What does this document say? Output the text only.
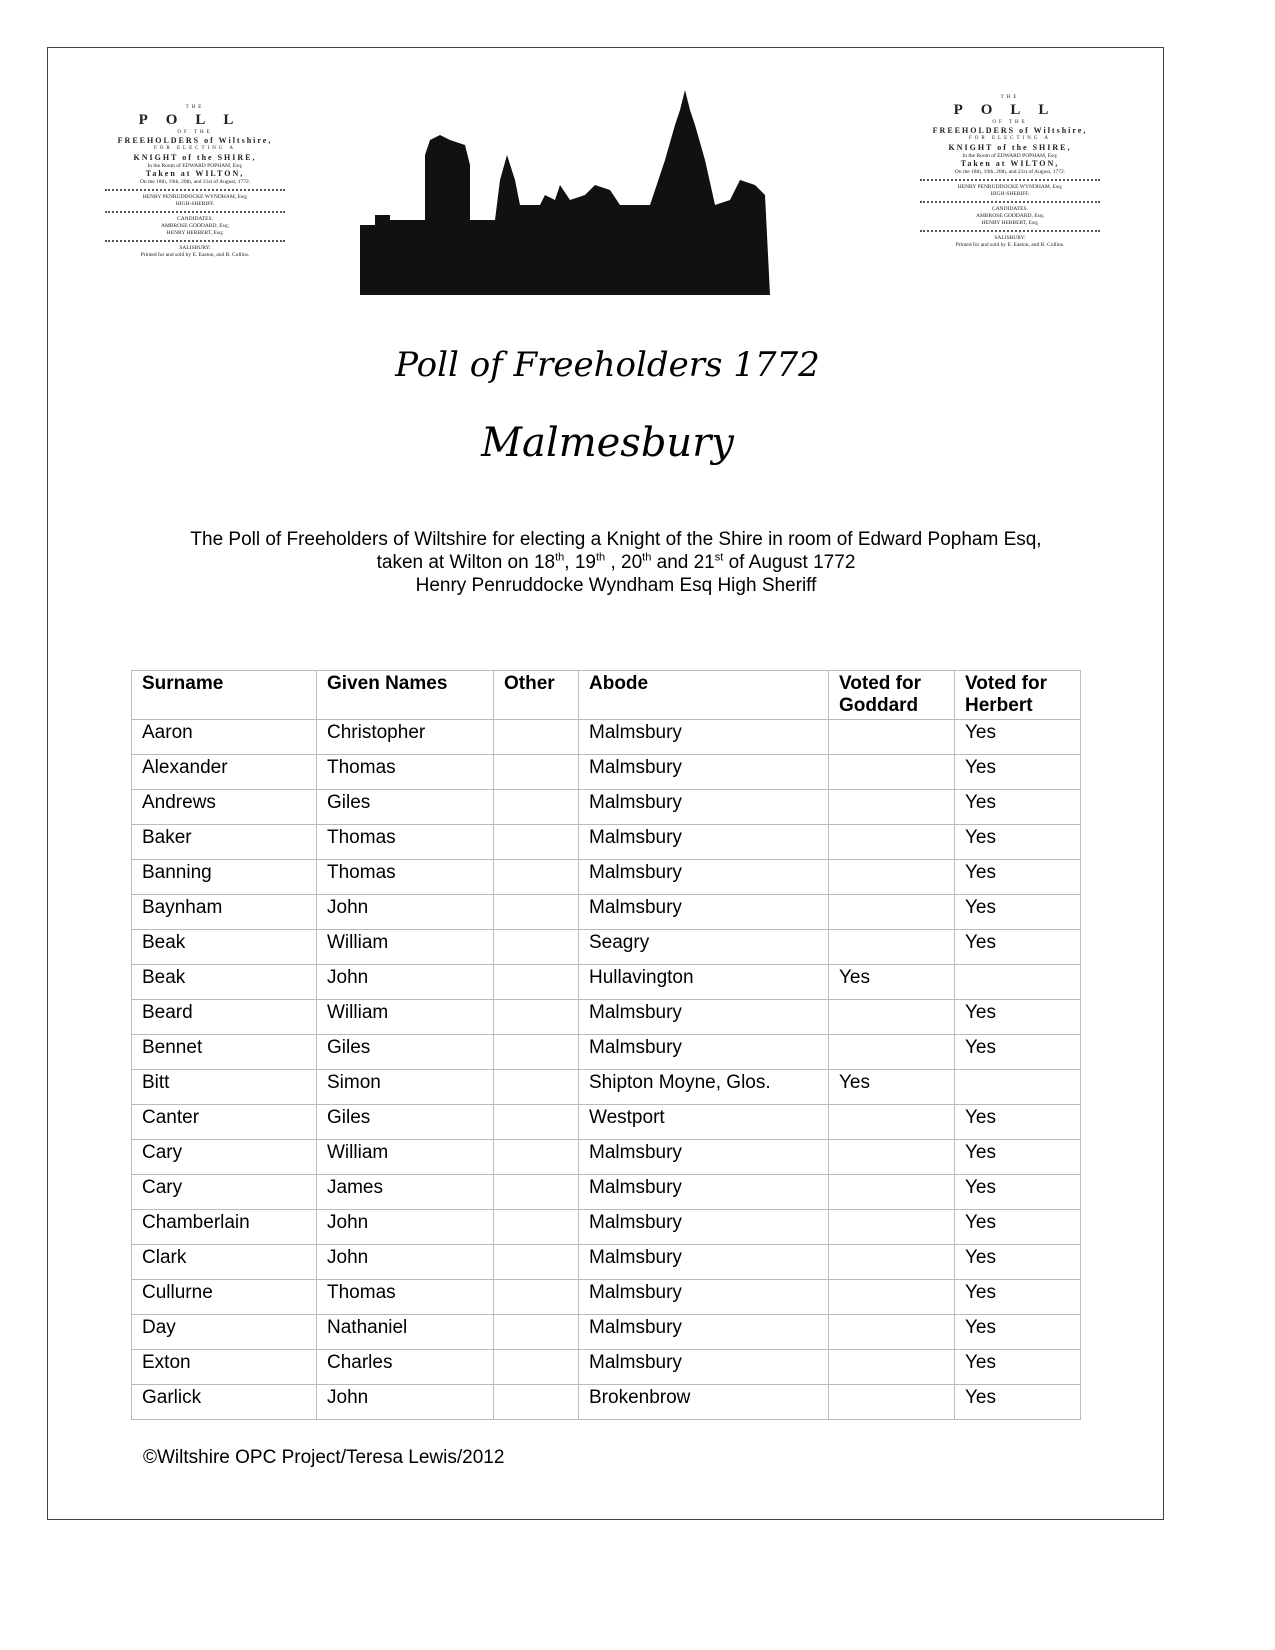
THE
POLL
OF THE
FREEHOLDERS of Wiltshire,
FOR ELECTING A
KNIGHT of the SHIRE,
In the Room of EDWARD POPHAM, Esq;
Taken at WILTON,
On the 18th, 19th, 20th, and 21st of August, 1772.
HENRY PENRUDDOCKE WYNDHAM, Esq;
HIGH-SHERIFF.
CANDIDATES.
AMBROSE GODDARD, Esq;
HENRY HERBERT, Esq;
SALISBURY:
Printed for and sold by E. Easton, and B. Collins.
THE
POLL
OF THE
FREEHOLDERS of Wiltshire,
FOR ELECTING A
KNIGHT of the SHIRE,
In the Room of EDWARD POPHAM, Esq;
Taken at WILTON,
On the 18th, 19th, 20th, and 21st of August, 1772.
HENRY PENRUDDOCKE WYNDHAM, Esq;
HIGH-SHERIFF.
CANDIDATES.
AMBROSE GODDARD, Esq;
HENRY HERBERT, Esq;
SALISBURY:
Printed for and sold by E. Easton, and B. Collins.
Poll of Freeholders 1772
Malmesbury
The Poll of Freeholders of Wiltshire for electing a Knight of the Shire in room of Edward Popham Esq,
taken at Wilton on 18th, 19th , 20th and 21st of August 1772
Henry Penruddocke Wyndham Esq High Sheriff
Surname	Given Names	Other	Abode	Voted for Goddard	Voted for Herbert
Aaron	Christopher		Malmsbury		Yes
Alexander	Thomas		Malmsbury		Yes
Andrews	Giles		Malmsbury		Yes
Baker	Thomas		Malmsbury		Yes
Banning	Thomas		Malmsbury		Yes
Baynham	John		Malmsbury		Yes
Beak	William		Seagry		Yes
Beak	John		Hullavington	Yes	
Beard	William		Malmsbury		Yes
Bennet	Giles		Malmsbury		Yes
Bitt	Simon		Shipton Moyne, Glos.	Yes	
Canter	Giles		Westport		Yes
Cary	William		Malmsbury		Yes
Cary	James		Malmsbury		Yes
Chamberlain	John		Malmsbury		Yes
Clark	John		Malmsbury		Yes
Cullurne	Thomas		Malmsbury		Yes
Day	Nathaniel		Malmsbury		Yes
Exton	Charles		Malmsbury		Yes
Garlick	John		Brokenbrow		Yes
©Wiltshire OPC Project/Teresa Lewis/2012
